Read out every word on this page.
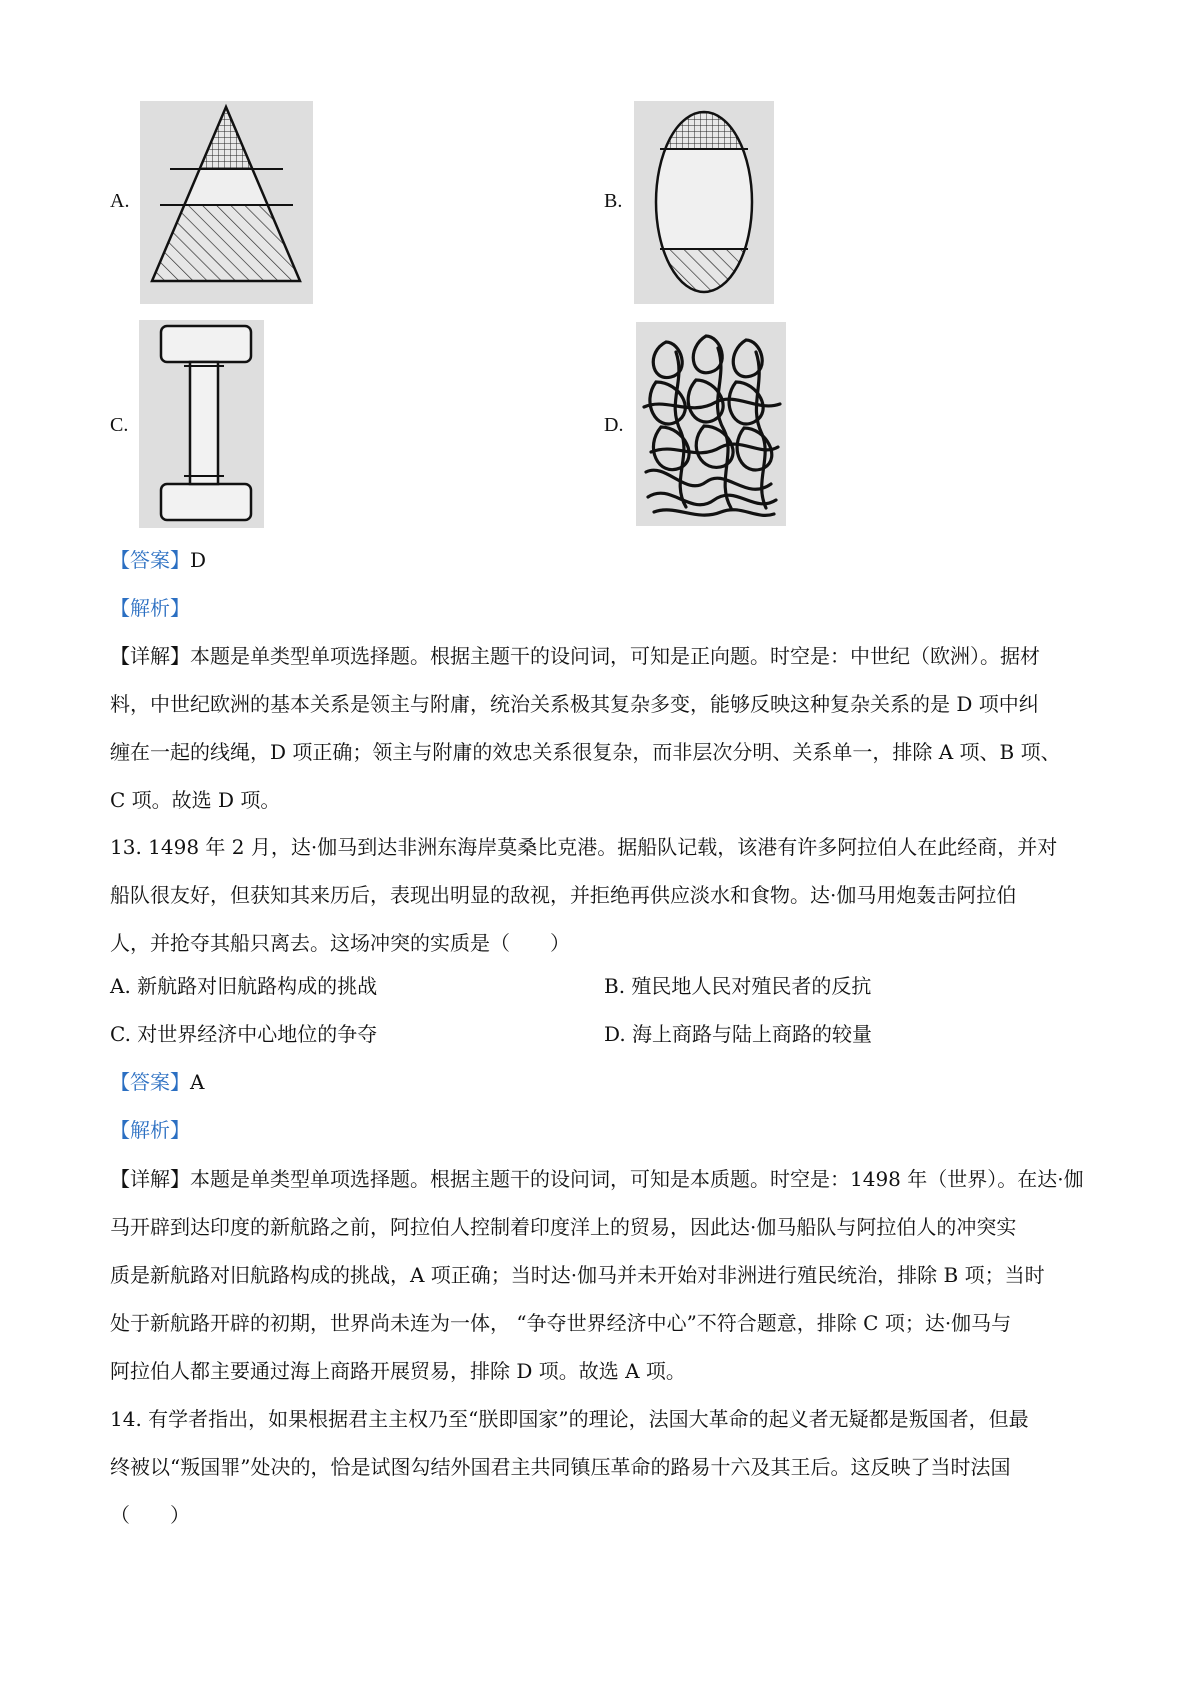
A.	B.
C.	D.
【答案】D
【解析】
【详解】本题是单类型单项选择题。根据主题干的设问词，可知是正向题。时空是：中世纪（欧洲）。据材
料，中世纪欧洲的基本关系是领主与附庸，统治关系极其复杂多变，能够反映这种复杂关系的是 D 项中纠
缠在一起的线绳，D 项正确；领主与附庸的效忠关系很复杂，而非层次分明、关系单一，排除 A 项、B 项、
C 项。故选 D 项。
13. 1498 年 2 月，达·伽马到达非洲东海岸莫桑比克港。据船队记载，该港有许多阿拉伯人在此经商，并对
船队很友好，但获知其来历后，表现出明显的敌视，并拒绝再供应淡水和食物。达·伽马用炮轰击阿拉伯
人，并抢夺其船只离去。这场冲突的实质是（　　）
A. 新航路对旧航路构成的挑战	B. 殖民地人民对殖民者的反抗
C. 对世界经济中心地位的争夺	D. 海上商路与陆上商路的较量
【答案】A
【解析】
【详解】本题是单类型单项选择题。根据主题干的设问词，可知是本质题。时空是：1498 年（世界）。在达·伽
马开辟到达印度的新航路之前，阿拉伯人控制着印度洋上的贸易，因此达·伽马船队与阿拉伯人的冲突实
质是新航路对旧航路构成的挑战，A 项正确；当时达·伽马并未开始对非洲进行殖民统治，排除 B 项；当时
处于新航路开辟的初期，世界尚未连为一体， “争夺世界经济中心”不符合题意，排除 C 项；达·伽马与
阿拉伯人都主要通过海上商路开展贸易，排除 D 项。故选 A 项。
14. 有学者指出，如果根据君主主权乃至“朕即国家”的理论，法国大革命的起义者无疑都是叛国者，但最
终被以“叛国罪”处决的，恰是试图勾结外国君主共同镇压革命的路易十六及其王后。这反映了当时法国
（　　）
